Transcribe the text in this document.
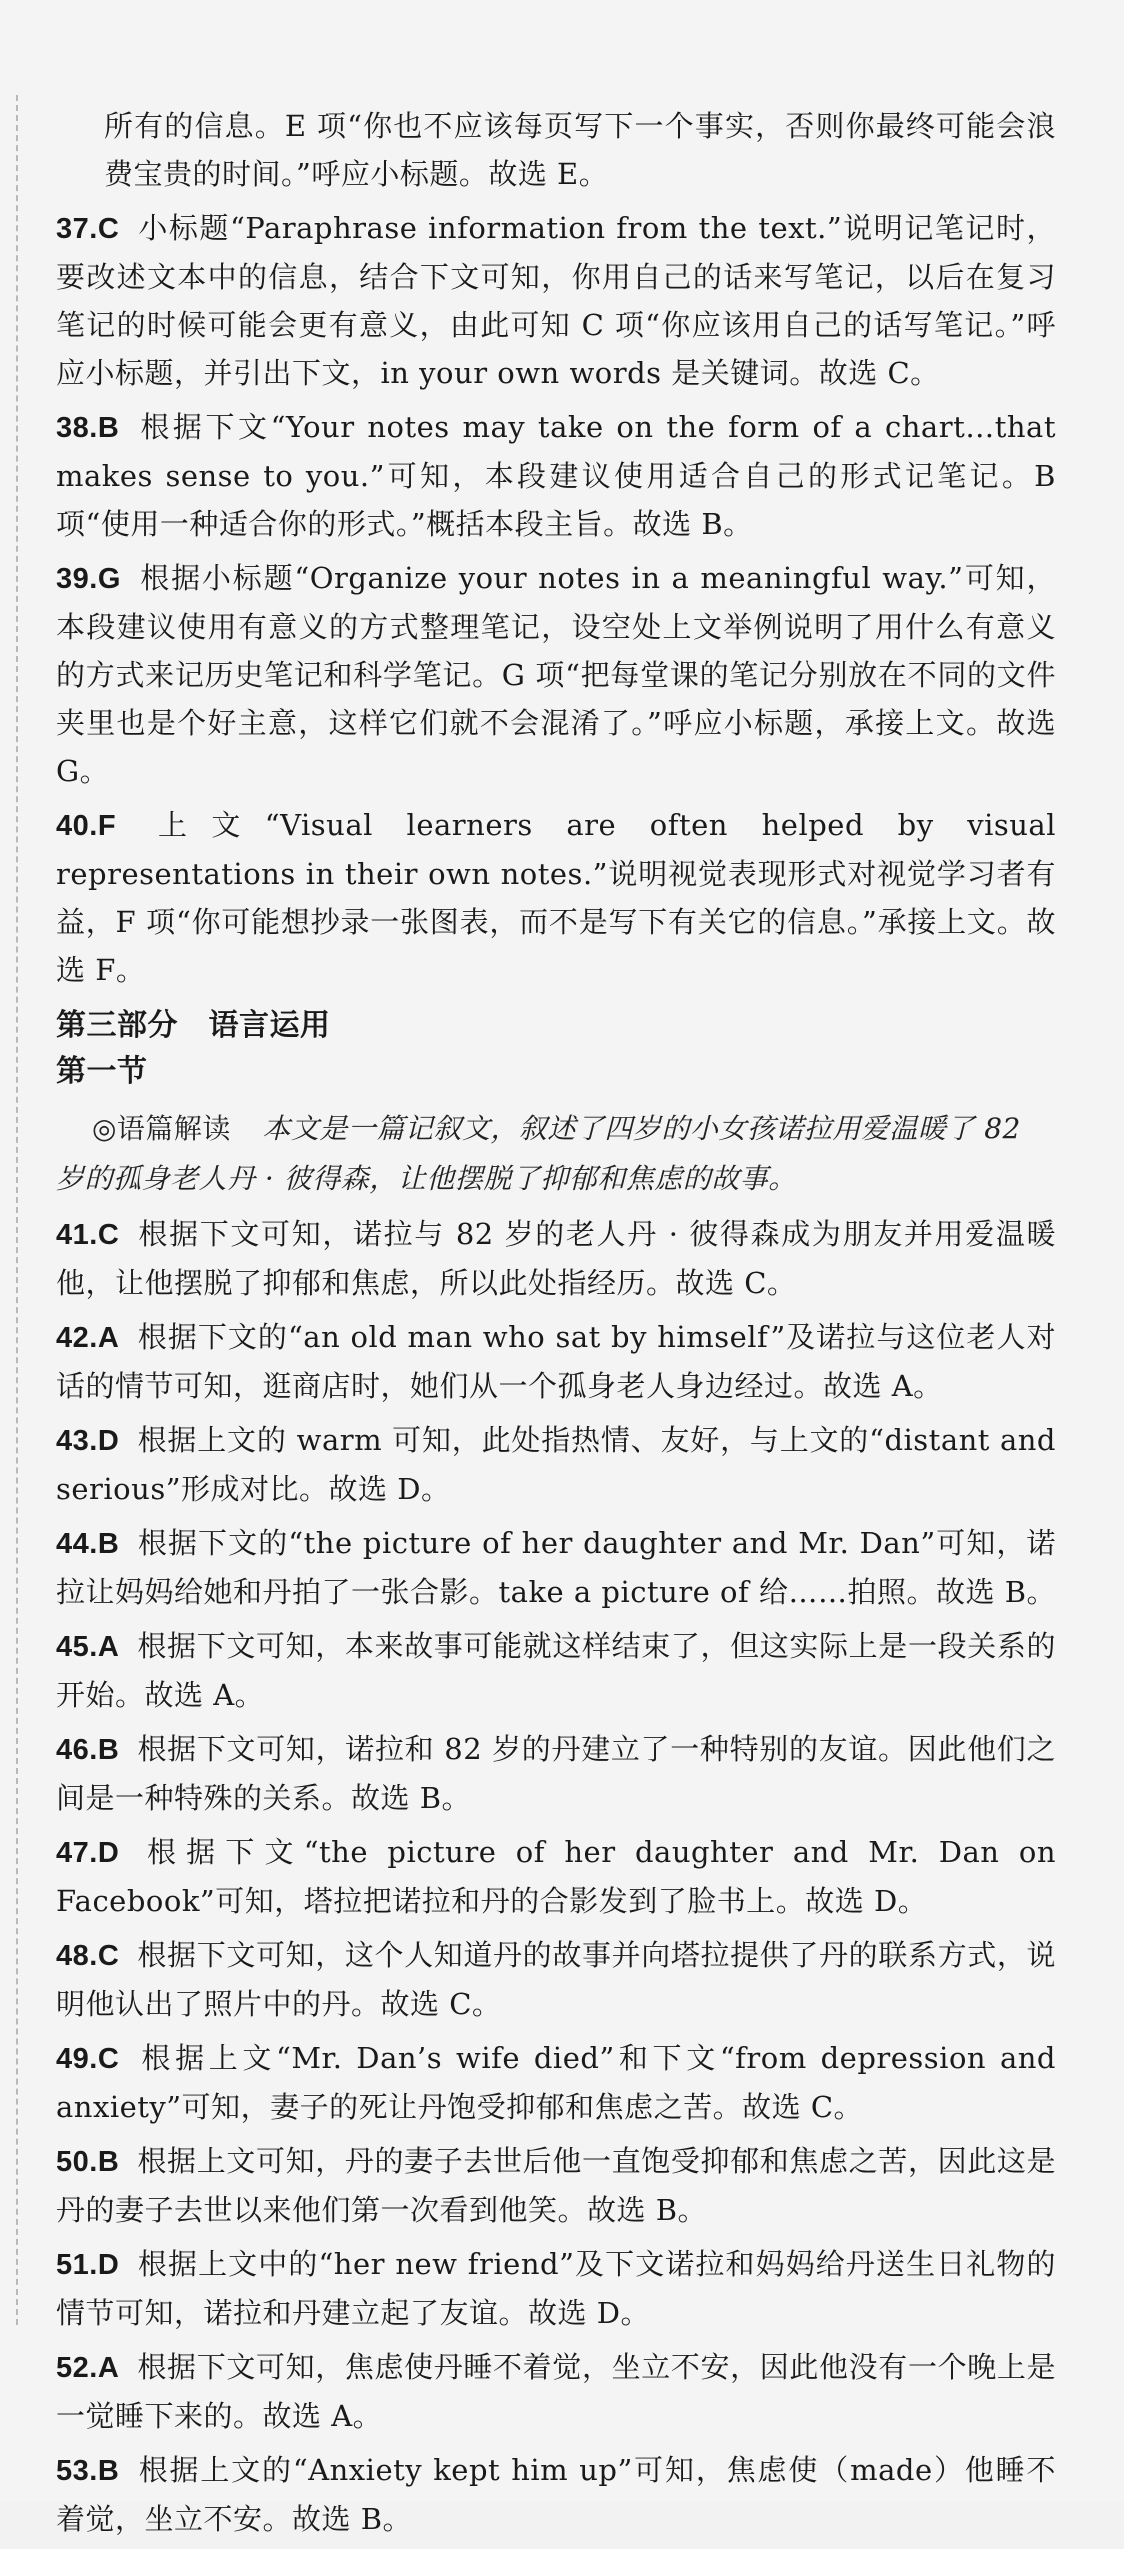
所有的信息。E 项“你也不应该每页写下一个事实，否则你最终可能会浪费宝贵的时间。”呼应小标题。故选 E。

37.C 小标题“Paraphrase information from the text.”说明记笔记时，要改述文本中的信息，结合下文可知，你用自己的话来写笔记，以后在复习笔记的时候可能会更有意义，由此可知 C 项“你应该用自己的话写笔记。”呼应小标题，并引出下文，in your own words 是关键词。故选 C。

38.B 根据下文“Your notes may take on the form of a chart…that makes sense to you.”可知，本段建议使用适合自己的形式记笔记。B 项“使用一种适合你的形式。”概括本段主旨。故选 B。

39.G 根据小标题“Organize your notes in a meaningful way.”可知，本段建议使用有意义的方式整理笔记，设空处上文举例说明了用什么有意义的方式来记历史笔记和科学笔记。G 项“把每堂课的笔记分别放在不同的文件夹里也是个好主意，这样它们就不会混淆了。”呼应小标题，承接上文。故选 G。

40.F 上文“Visual learners are often helped by visual representations in their own notes.”说明视觉表现形式对视觉学习者有益，F 项“你可能想抄录一张图表，而不是写下有关它的信息。”承接上文。故选 F。

第三部分　语言运用
第一节

◎语篇解读 本文是一篇记叙文，叙述了四岁的小女孩诺拉用爱温暖了 82 岁的孤身老人丹 · 彼得森，让他摆脱了抑郁和焦虑的故事。

41.C 根据下文可知，诺拉与 82 岁的老人丹 · 彼得森成为朋友并用爱温暖他，让他摆脱了抑郁和焦虑，所以此处指经历。故选 C。

42.A 根据下文的“an old man who sat by himself”及诺拉与这位老人对话的情节可知，逛商店时，她们从一个孤身老人身边经过。故选 A。

43.D 根据上文的 warm 可知，此处指热情、友好，与上文的“distant and serious”形成对比。故选 D。

44.B 根据下文的“the picture of her daughter and Mr. Dan”可知，诺拉让妈妈给她和丹拍了一张合影。take a picture of 给……拍照。故选 B。

45.A 根据下文可知，本来故事可能就这样结束了，但这实际上是一段关系的开始。故选 A。

46.B 根据下文可知，诺拉和 82 岁的丹建立了一种特别的友谊。因此他们之间是一种特殊的关系。故选 B。

47.D 根据下文“the picture of her daughter and Mr. Dan on Facebook”可知，塔拉把诺拉和丹的合影发到了脸书上。故选 D。

48.C 根据下文可知，这个人知道丹的故事并向塔拉提供了丹的联系方式，说明他认出了照片中的丹。故选 C。

49.C 根据上文“Mr. Dan’s wife died”和下文“from depression and anxiety”可知，妻子的死让丹饱受抑郁和焦虑之苦。故选 C。

50.B 根据上文可知，丹的妻子去世后他一直饱受抑郁和焦虑之苦，因此这是丹的妻子去世以来他们第一次看到他笑。故选 B。

51.D 根据上文中的“her new friend”及下文诺拉和妈妈给丹送生日礼物的情节可知，诺拉和丹建立起了友谊。故选 D。

52.A 根据下文可知，焦虑使丹睡不着觉，坐立不安，因此他没有一个晚上是一觉睡下来的。故选 A。

53.B 根据上文的“Anxiety kept him up”可知，焦虑使（made）他睡不着觉，坐立不安。故选 B。
